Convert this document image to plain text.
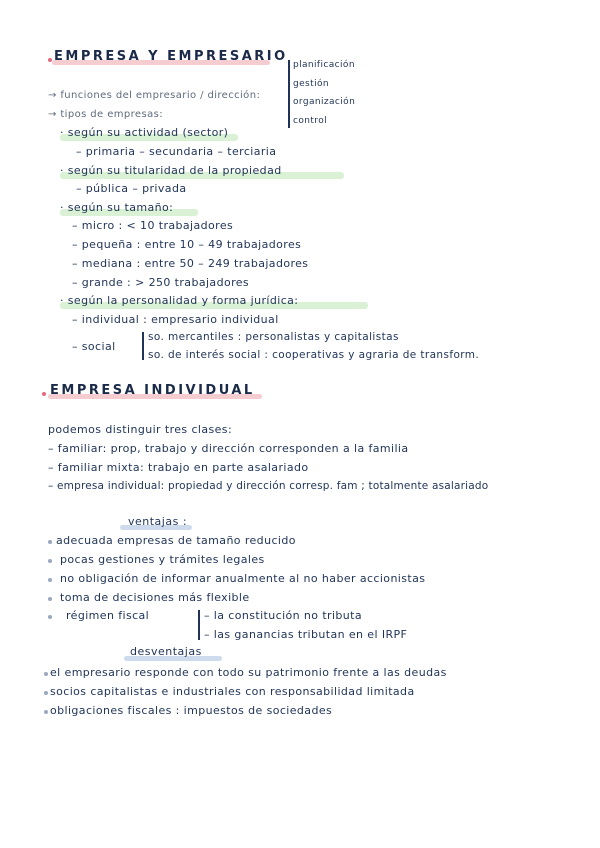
EMPRESA Y EMPRESARIO
planificación
gestión
organización
control
→ funciones del empresario / dirección:
→ tipos de empresas:
· según su actividad (sector)
– primaria – secundaria – terciaria
· según su titularidad de la propiedad
– pública – privada
· según su tamaño:
– micro : < 10 trabajadores
– pequeña : entre 10 – 49 trabajadores
– mediana : entre 50 – 249 trabajadores
– grande : > 250 trabajadores
· según la personalidad y forma jurídica:
– individual : empresario individual
– social
so. mercantiles : personalistas y capitalistas
so. de interés social : cooperativas y agraria de transform.
EMPRESA INDIVIDUAL
podemos distinguir tres clases:
– familiar: prop, trabajo y dirección corresponden a la familia
– familiar mixta: trabajo en parte asalariado
– empresa individual: propiedad y dirección corresp. fam ; totalmente asalariado
ventajas :
adecuada empresas de tamaño reducido
pocas gestiones y trámites legales
no obligación de informar anualmente al no haber accionistas
toma de decisiones más flexible
régimen fiscal	– la constitución no tributa
– las ganancias tributan en el IRPF
desventajas
el empresario responde con todo su patrimonio frente a las deudas
socios capitalistas e industriales con responsabilidad limitada
obligaciones fiscales : impuestos de sociedades
